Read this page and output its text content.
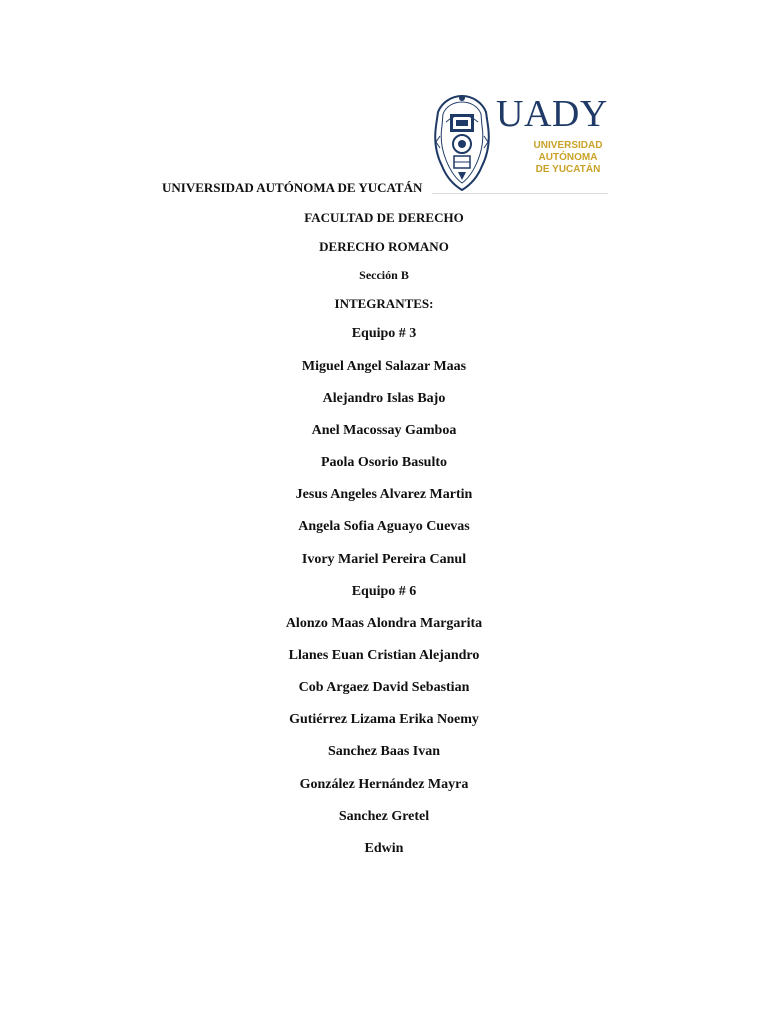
UADY
UNIVERSIDAD
AUTÓNOMA
DE YUCATÁN
UNIVERSIDAD AUTÓNOMA DE YUCATÁN
FACULTAD DE DERECHO
DERECHO ROMANO
Sección B
INTEGRANTES:
Equipo # 3
Miguel Angel Salazar Maas
Alejandro Islas Bajo
Anel Macossay Gamboa
Paola Osorio Basulto
Jesus Angeles Alvarez Martin
Angela Sofia Aguayo Cuevas
Ivory Mariel Pereira Canul
Equipo # 6
Alonzo Maas Alondra Margarita
Llanes Euan Cristian Alejandro
Cob Argaez David Sebastian
Gutiérrez Lizama Erika Noemy
Sanchez Baas Ivan
González Hernández Mayra
Sanchez Gretel
Edwin
